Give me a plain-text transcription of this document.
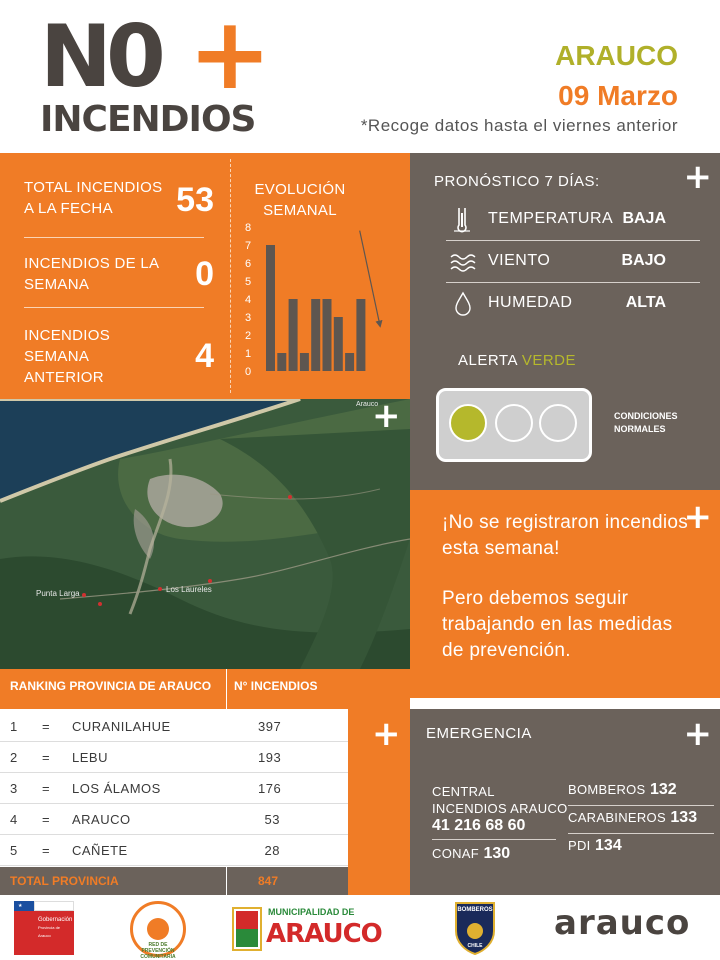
N0 +
INCENDIOS
ARAUCO
09 Marzo
*Recoge datos hasta el viernes anterior
TOTAL INCENDIOS A LA FECHA	53
INCENDIOS DE LA SEMANA	0
INCENDIOS SEMANA ANTERIOR
4
EVOLUCIÓN SEMANAL
8
7
6
5
4
3
2
1
0
PRONÓSTICO 7 DÍAS: +
TEMPERATURA BAJA
VIENTO	BAJO
HUMEDAD	ALTA
ALERTA VERDE
CONDICIONES NORMALES
Punta Larga	Los Laureles
Arauco
+
+
¡No se registraron incendios esta semana!
Pero debemos seguir trabajando en las medidas de prevención.
RANKING PROVINCIA DE ARAUCO N° INCENDIOS
+
1 = CURANILAHUE	397
2 = LEBU	193
3 = LOS ÁLAMOS	176
4 = ARAUCO	53
5 = CAÑETE	28
TOTAL PROVINCIA	847
EMERGENCIA	+
CENTRAL INCENDIOS ARAUCO
41 216 68 60
CONAF 130
BOMBEROS 132
CARABINEROS 133
PDI 134
★
Gobernación
Provincia de Arauco
RED DE PREVENCIÓN COMUNITARIA
MUNICIPALIDAD DE
ARAUCO
BOMBEROS
CHILE
arauco
